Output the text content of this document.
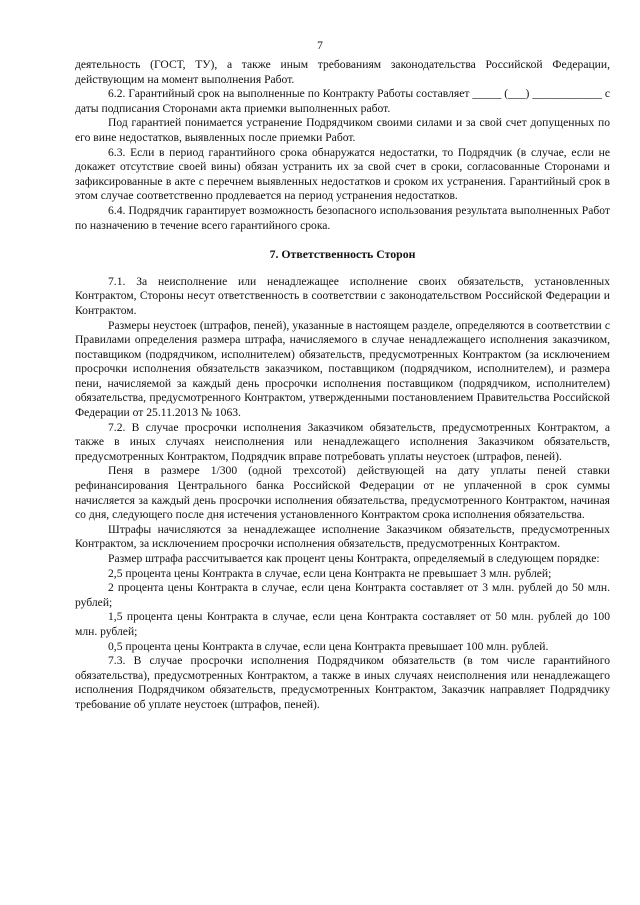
7

деятельность (ГОСТ, ТУ), а также иным требованиям законодательства Российской Федерации, действующим на момент выполнения Работ.

6.2. Гарантийный срок на выполненные по Контракту Работы составляет _____ (___) ____________ с даты подписания Сторонами акта приемки выполненных работ.

Под гарантией понимается устранение Подрядчиком своими силами и за свой счет допущенных по его вине недостатков, выявленных после приемки Работ.

6.3. Если в период гарантийного срока обнаружатся недостатки, то Подрядчик (в случае, если не докажет отсутствие своей вины) обязан устранить их за свой счет в сроки, согласованные Сторонами и зафиксированные в акте с перечнем выявленных недостатков и сроком их устранения. Гарантийный срок в этом случае соответственно продлевается на период устранения недостатков.

6.4. Подрядчик гарантирует возможность безопасного использования результата выполненных Работ по назначению в течение всего гарантийного срока.

7. Ответственность Сторон

7.1. За неисполнение или ненадлежащее исполнение своих обязательств, установленных Контрактом, Стороны несут ответственность в соответствии с законодательством Российской Федерации и Контрактом.

Размеры неустоек (штрафов, пеней), указанные в настоящем разделе, определяются в соответствии с Правилами определения размера штрафа, начисляемого в случае ненадлежащего исполнения заказчиком, поставщиком (подрядчиком, исполнителем) обязательств, предусмотренных Контрактом (за исключением просрочки исполнения обязательств заказчиком, поставщиком (подрядчиком, исполнителем), и размера пени, начисляемой за каждый день просрочки исполнения поставщиком (подрядчиком, исполнителем) обязательства, предусмотренного Контрактом, утвержденными постановлением Правительства Российской Федерации от 25.11.2013 № 1063.

7.2. В случае просрочки исполнения Заказчиком обязательств, предусмотренных Контрактом, а также в иных случаях неисполнения или ненадлежащего исполнения Заказчиком обязательств, предусмотренных Контрактом, Подрядчик вправе потребовать уплаты неустоек (штрафов, пеней).

Пеня в размере 1/300 (одной трехсотой) действующей на дату уплаты пеней ставки рефинансирования Центрального банка Российской Федерации от не уплаченной в срок суммы начисляется за каждый день просрочки исполнения обязательства, предусмотренного Контрактом, начиная со дня, следующего после дня истечения установленного Контрактом срока исполнения обязательства.

Штрафы начисляются за ненадлежащее исполнение Заказчиком обязательств, предусмотренных Контрактом, за исключением просрочки исполнения обязательств, предусмотренных Контрактом.

Размер штрафа рассчитывается как процент цены Контракта, определяемый в следующем порядке:

2,5 процента цены Контракта в случае, если цена Контракта не превышает 3 млн. рублей;

2 процента цены Контракта в случае, если цена Контракта составляет от 3 млн. рублей до 50 млн. рублей;

1,5 процента цены Контракта в случае, если цена Контракта составляет от 50 млн. рублей до 100 млн. рублей;

0,5 процента цены Контракта в случае, если цена Контракта превышает 100 млн. рублей.

7.3. В случае просрочки исполнения Подрядчиком обязательств (в том числе гарантийного обязательства), предусмотренных Контрактом, а также в иных случаях неисполнения или ненадлежащего исполнения Подрядчиком обязательств, предусмотренных Контрактом, Заказчик направляет Подрядчику требование об уплате неустоек (штрафов, пеней).
